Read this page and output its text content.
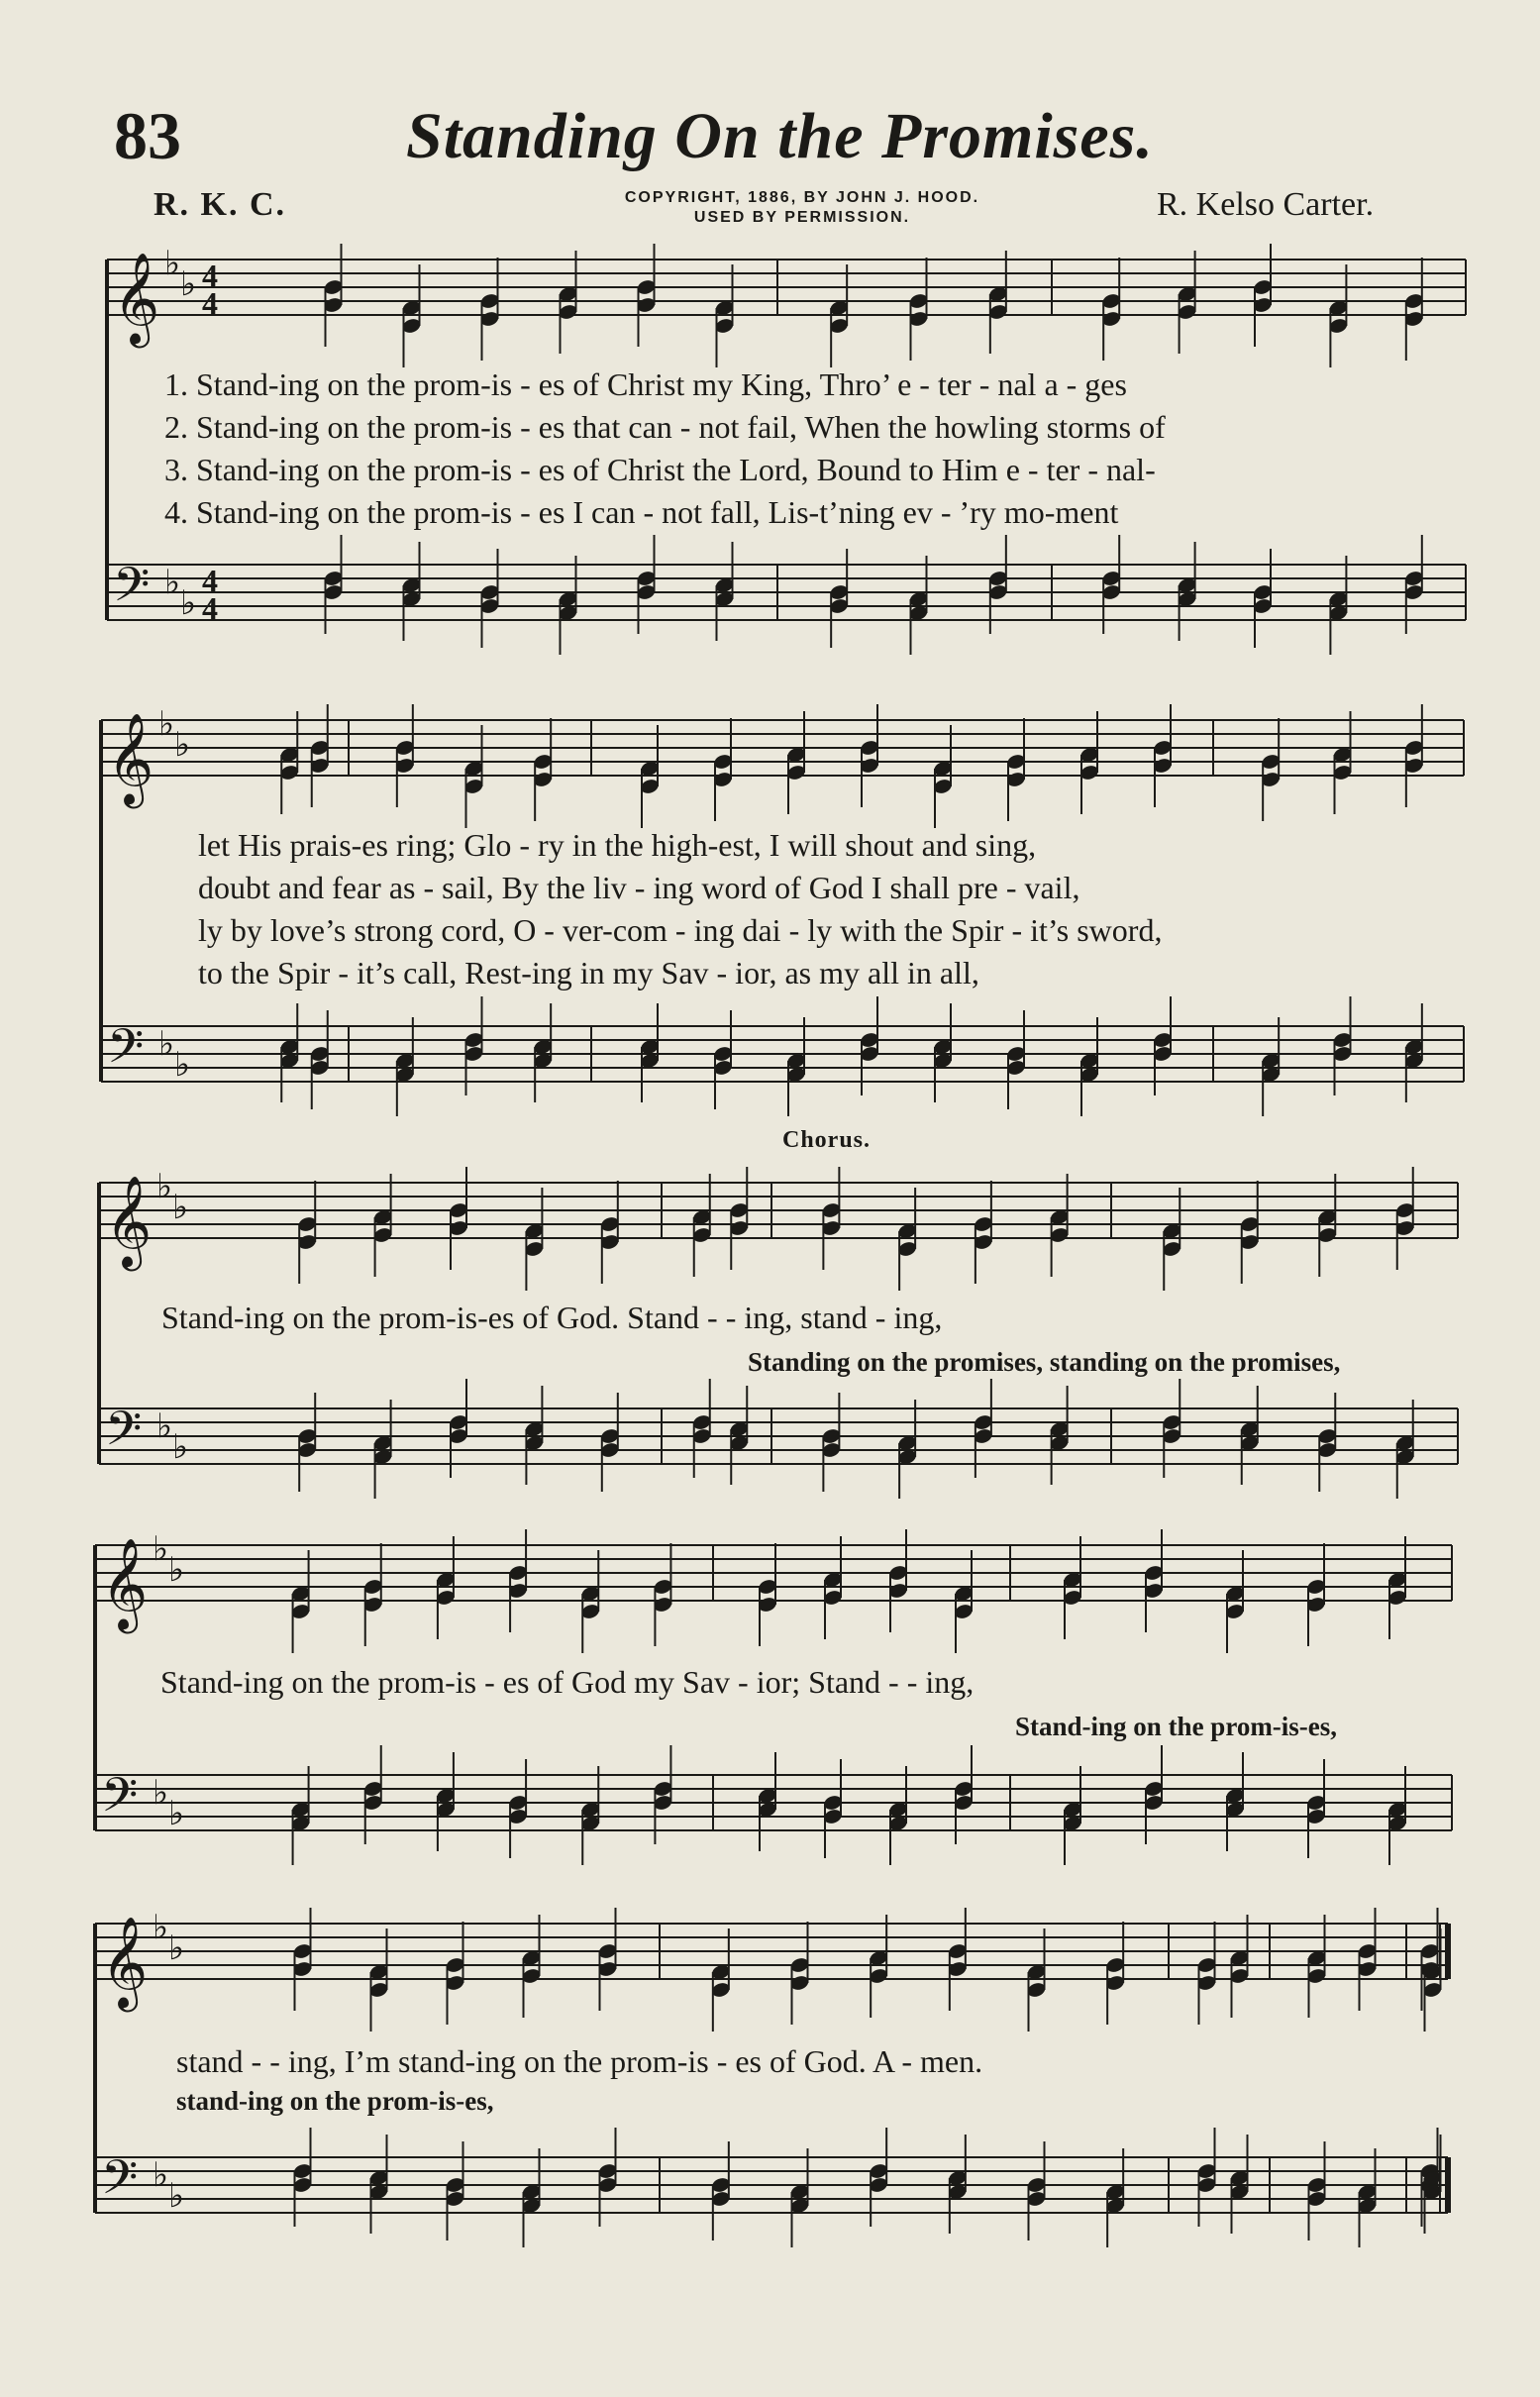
83	Standing On the Promises.
R. K. C.	COPYRIGHT, 1886, BY JOHN J. HOOD.
USED BY PERMISSION.	R. Kelso Carter.
𝄞
𝄢
♭
♭
♭
♭
4
4
4
4
𝄞
𝄢
♭
♭
♭
♭
𝄞
𝄢
♭
♭
♭
♭
𝄞
𝄢
♭
♭
♭
♭
𝄞
𝄢
♭
♭
♭
♭
1. Stand-ing on the prom-is - es of Christ my King, Thro’ e - ter - nal a - ges
2. Stand-ing on the prom-is - es that can - not fail, When the howling storms of
3. Stand-ing on the prom-is - es of Christ the Lord, Bound to Him e - ter - nal-
4. Stand-ing on the prom-is - es I can - not fall, Lis-t’ning ev - ’ry mo-ment
let His prais-es ring; Glo - ry in the high-est, I will shout and sing,
doubt and fear as - sail, By the liv - ing word of God I shall pre - vail,
ly by love’s strong cord, O - ver-com - ing dai - ly with the Spir - it’s sword,
to the Spir - it’s call, Rest-ing in my Sav - ior, as my all in all,
Chorus.
Stand-ing on the prom-is-es of God. Stand - - ing, stand - ing,
Standing on the promises, standing on the promises,
Stand-ing on the prom-is - es of God my Sav - ior; Stand - - ing,
Stand-ing on the prom-is-es,
stand - - ing, I’m stand-ing on the prom-is - es of God. A - men.
stand-ing on the prom-is-es,
